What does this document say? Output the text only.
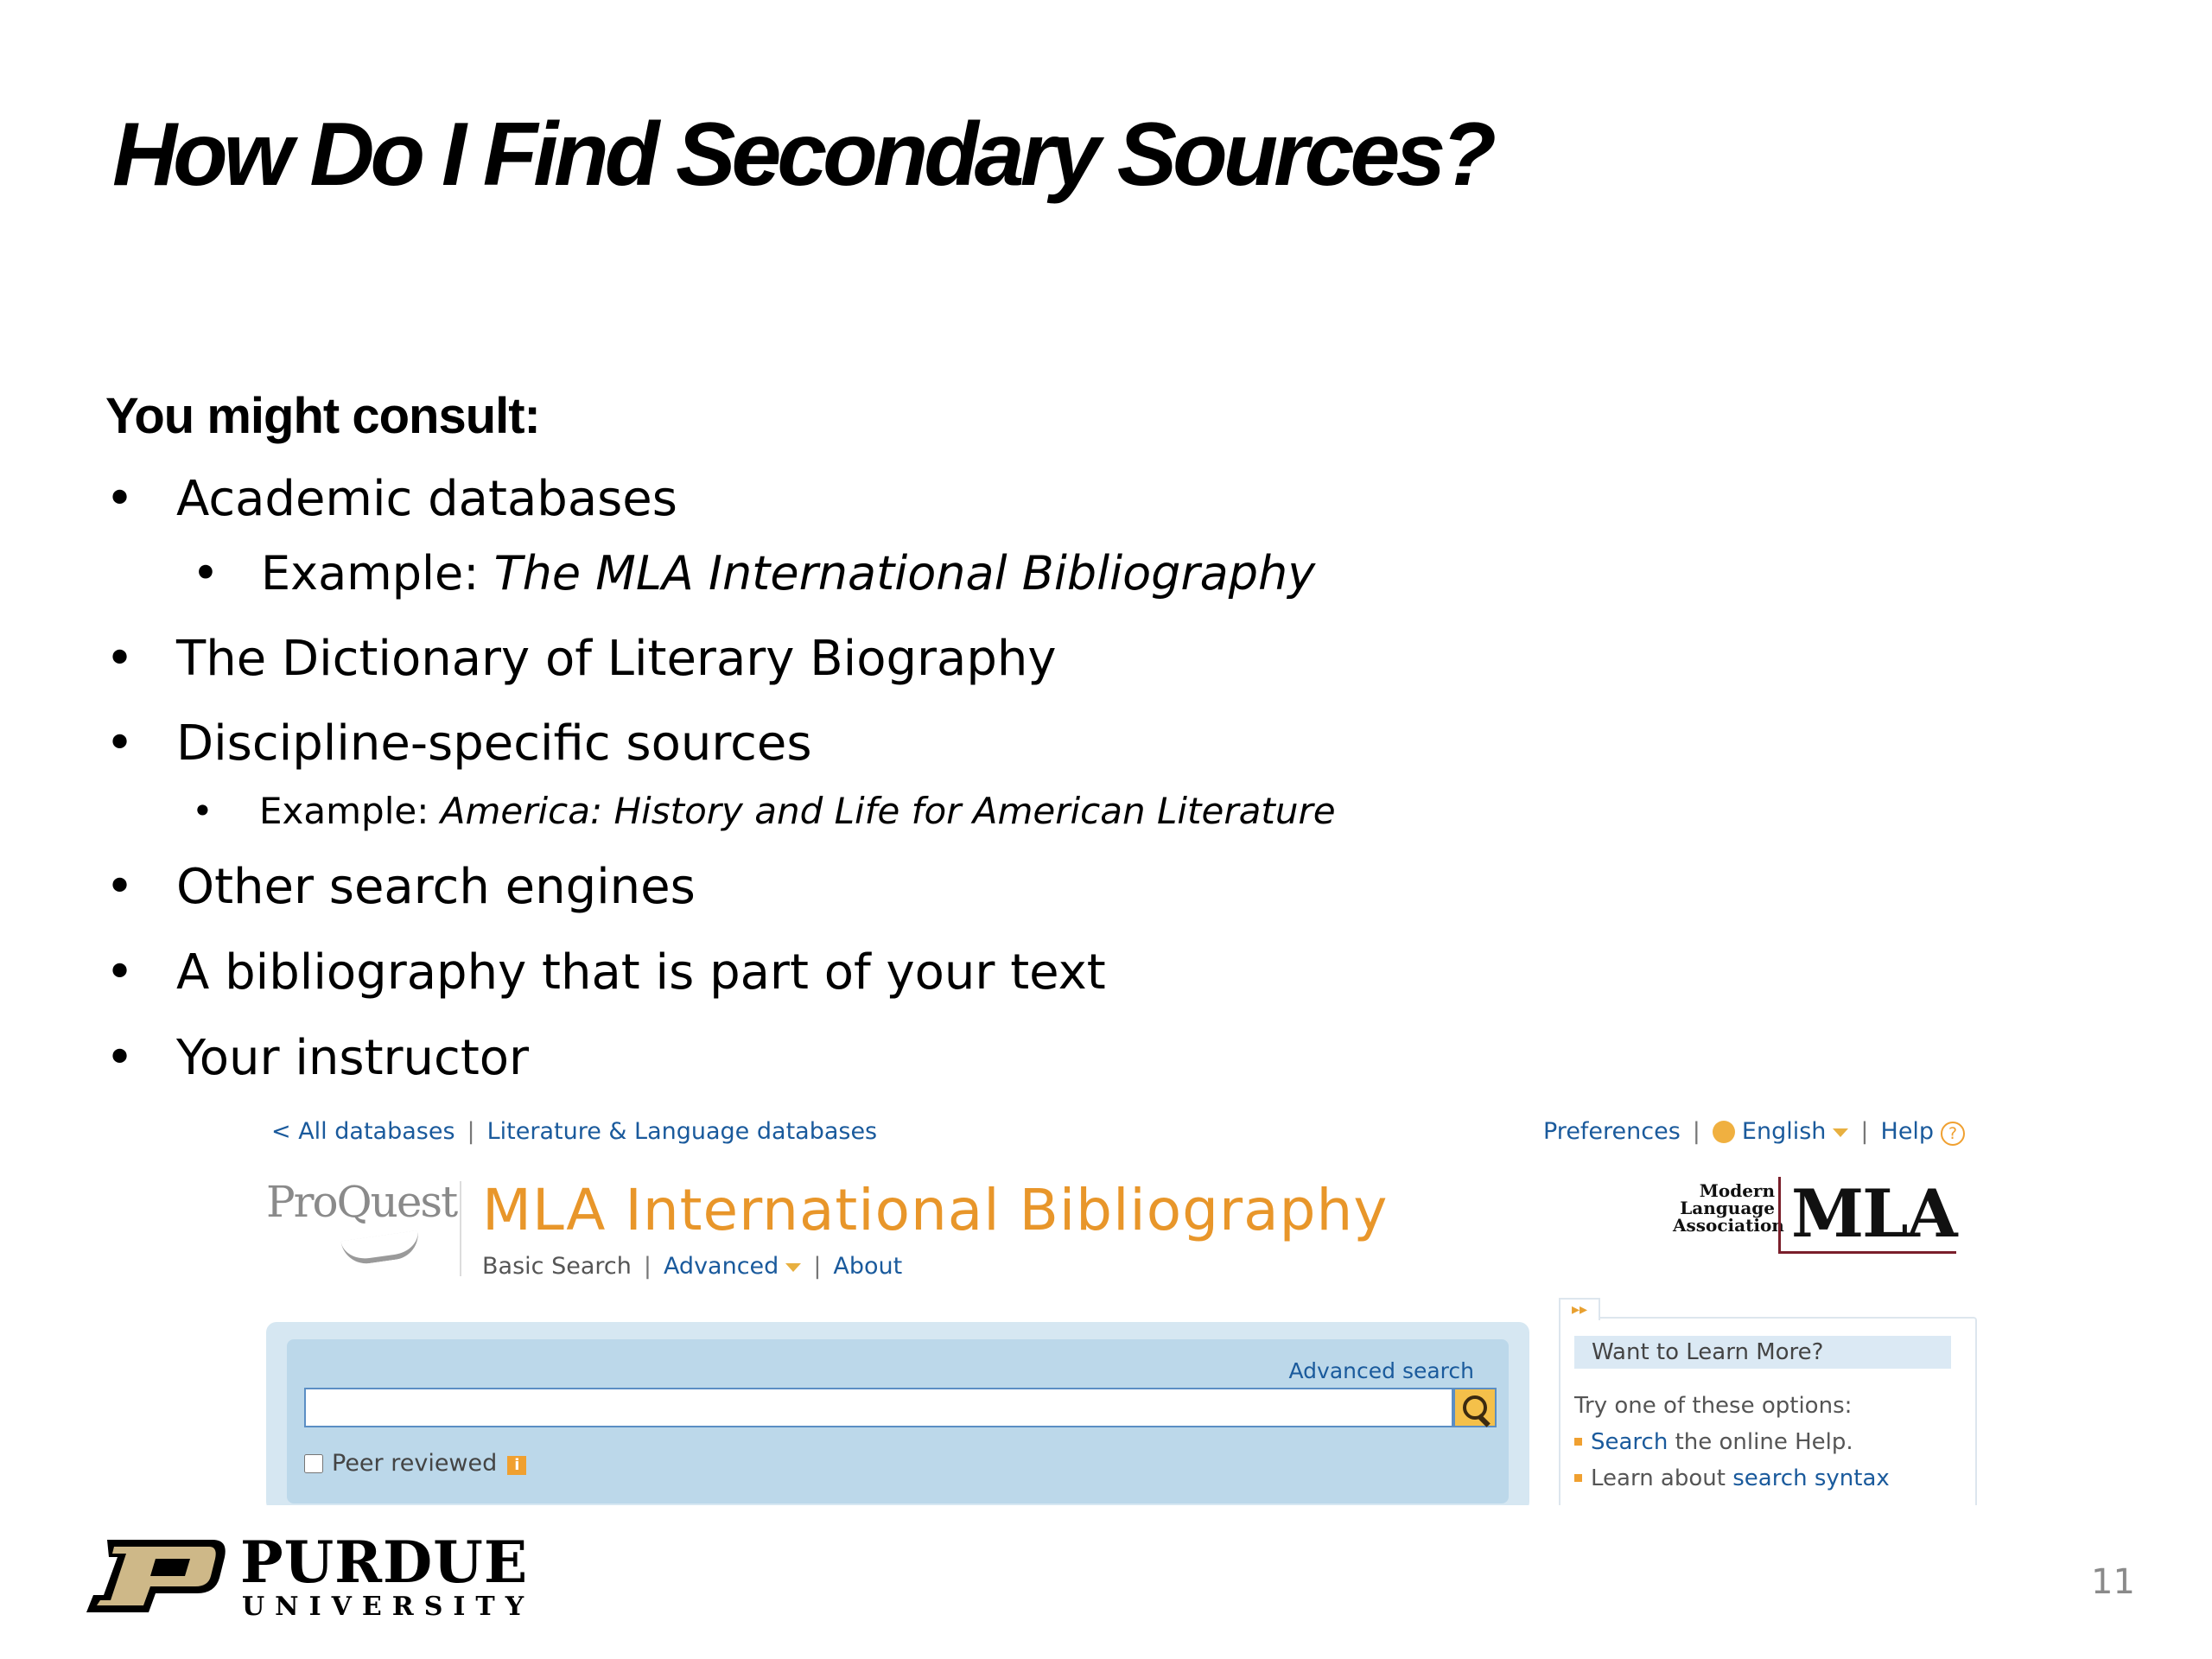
How Do I Find Secondary Sources?
You might consult:
• Academic databases
• Example: The MLA International Bibliography
• The Dictionary of Literary Biography
• Discipline-specific sources
• Example: America: History and Life for American Literature
• Other search engines
• A bibliography that is part of your text
• Your instructor
< All databases | Literature & Language databases	Preferences | English | Help ?
ProQuest MLA International Bibliography
Basic Search | Advanced | About
Modern
Language
Association MLA
Advanced search
Peer reviewed i
▸▸
Want to Learn More?
Try one of these options:
Search the online Help.
Learn about search syntax
PURDUE
UNIVERSITY
11
